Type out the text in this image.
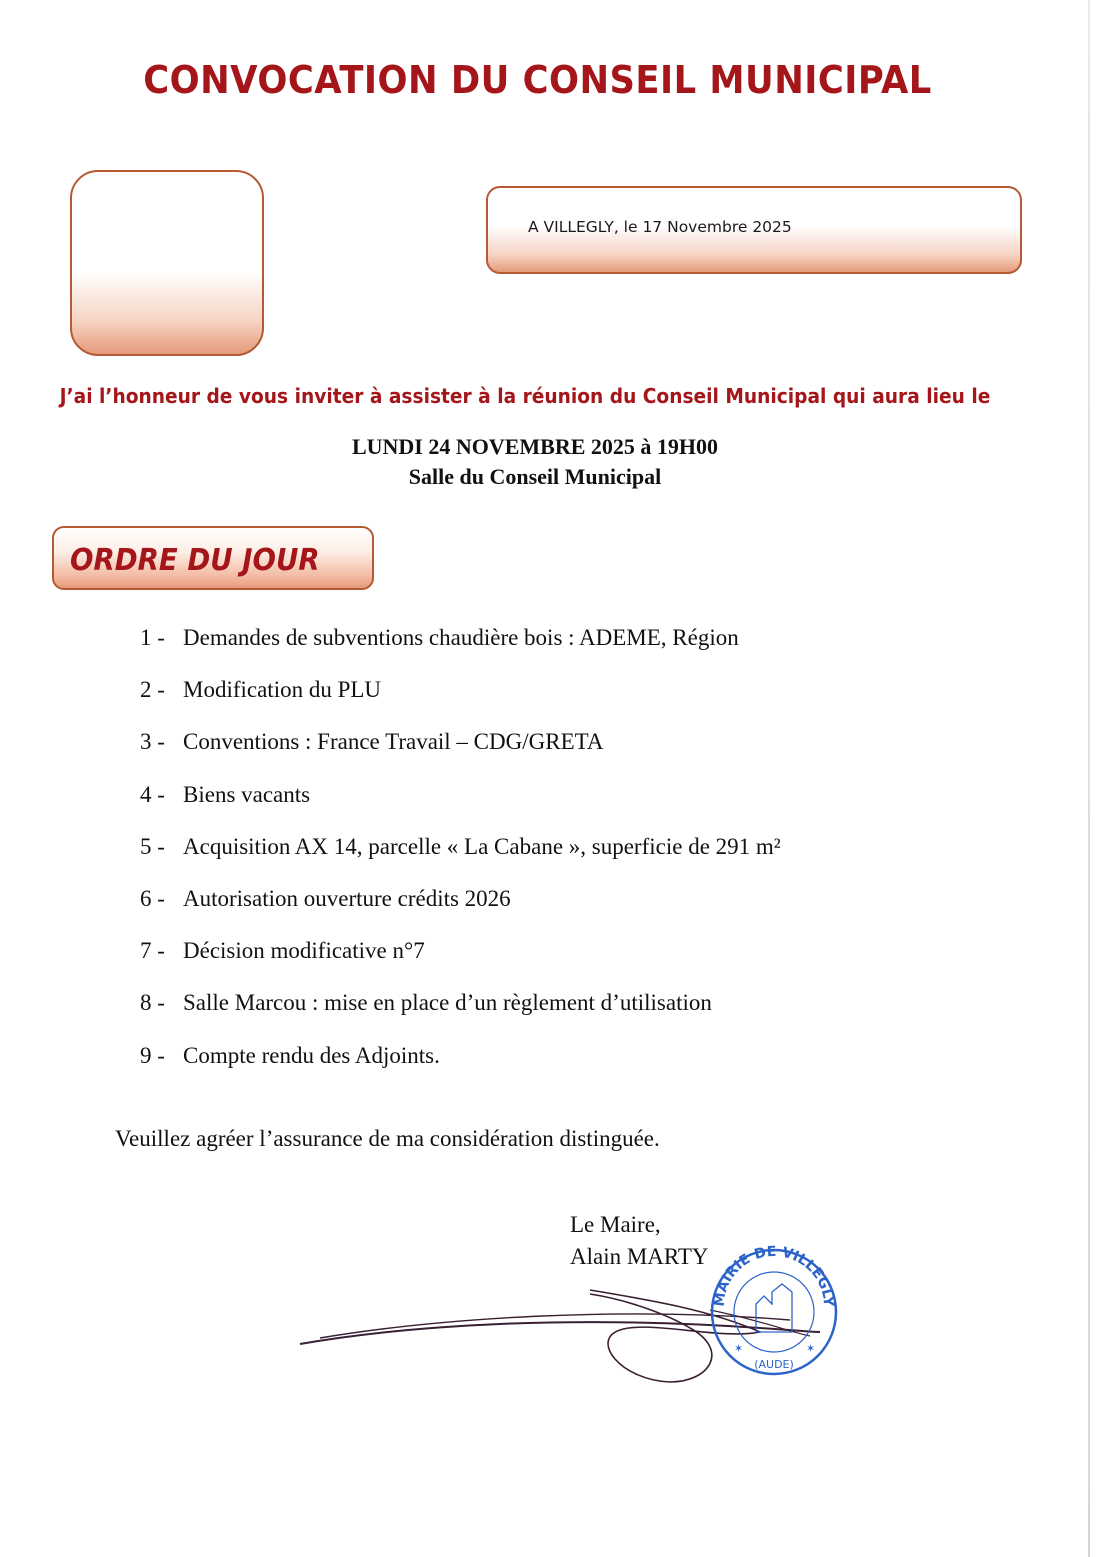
CONVOCATION DU CONSEIL MUNICIPAL
A VILLEGLY, le 17 Novembre 2025
J’ai l’honneur de vous inviter à assister à la réunion du Conseil Municipal qui aura lieu le
LUNDI 24 NOVEMBRE 2025 à 19H00
Salle du Conseil Municipal
ORDRE DU JOUR
1 - Demandes de subventions chaudière bois : ADEME, Région
2 - Modification du PLU
3 - Conventions : France Travail – CDG/GRETA
4 - Biens vacants
5 - Acquisition AX 14, parcelle « La Cabane », superficie de 291 m²
6 - Autorisation ouverture crédits 2026
7 - Décision modificative n°7
8 - Salle Marcou : mise en place d’un règlement d’utilisation
9 - Compte rendu des Adjoints.
Veuillez agréer l’assurance de ma considération distinguée.
Le Maire,
Alain MARTY
MAIRIE DE VILLEGLY
✶	✶
(AUDE)
